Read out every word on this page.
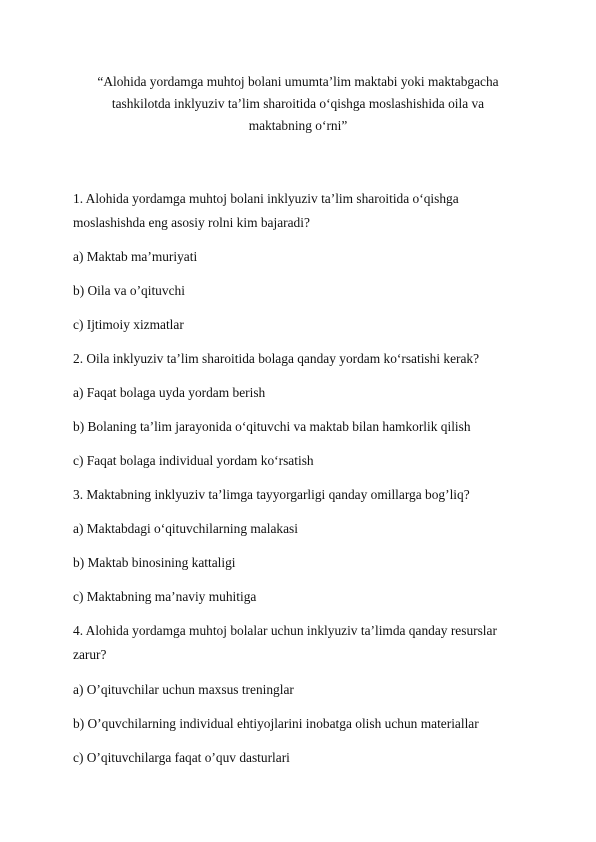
“Alohida yordamga muhtoj bolani umumta’lim maktabi yoki maktabgacha
tashkilotda inklyuziv ta’lim sharoitida o‘qishga moslashishida oila va
maktabning o‘rni”
1. Alohida yordamga muhtoj bolani inklyuziv ta’lim sharoitida o‘qishga
moslashishda eng asosiy rolni kim bajaradi?
a) Maktab ma’muriyati
b) Oila va o’qituvchi
c) Ijtimoiy xizmatlar
2. Oila inklyuziv ta’lim sharoitida bolaga qanday yordam ko‘rsatishi kerak?
a) Faqat bolaga uyda yordam berish
b) Bolaning ta’lim jarayonida o‘qituvchi va maktab bilan hamkorlik qilish
c) Faqat bolaga individual yordam ko‘rsatish
3. Maktabning inklyuziv ta’limga tayyorgarligi qanday omillarga bog’liq?
a) Maktabdagi o‘qituvchilarning malakasi
b) Maktab binosining kattaligi
c) Maktabning ma’naviy muhitiga
4. Alohida yordamga muhtoj bolalar uchun inklyuziv ta’limda qanday resurslar
zarur?
a) O’qituvchilar uchun maxsus treninglar
b) O’quvchilarning individual ehtiyojlarini inobatga olish uchun materiallar
c) O’qituvchilarga faqat o’quv dasturlari
